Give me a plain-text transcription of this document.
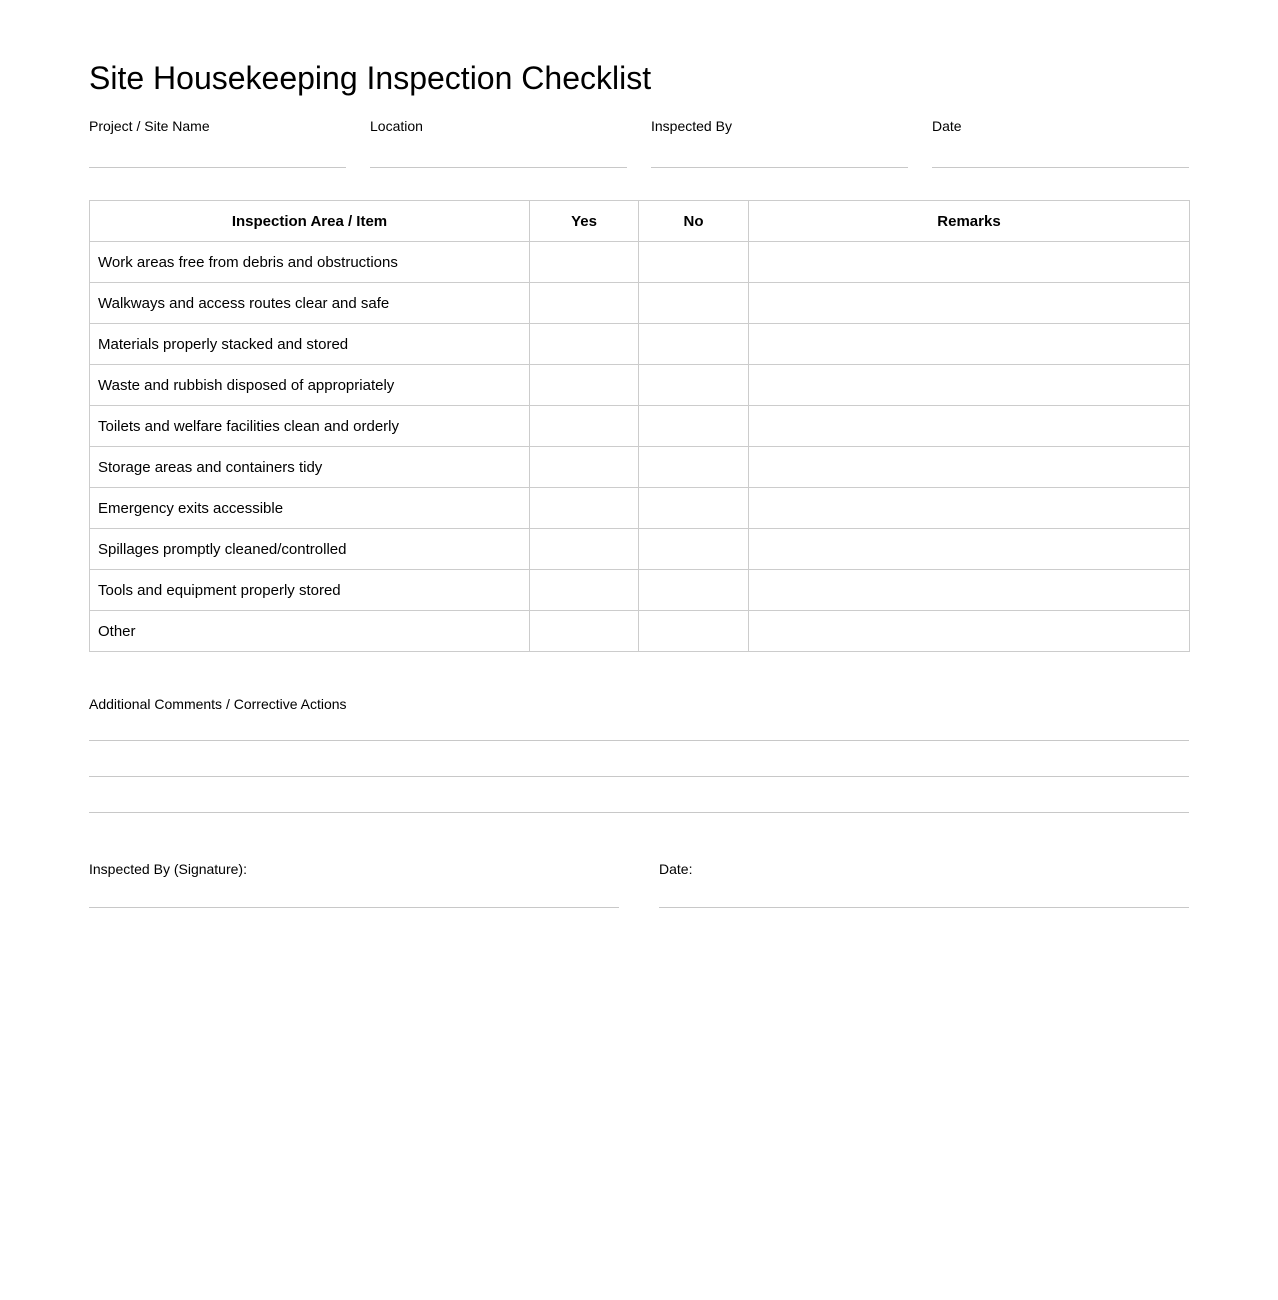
Site Housekeeping Inspection Checklist
Project / Site Name	Location	Inspected By	Date
Inspection Area / Item	Yes	No	Remarks
Work areas free from debris and obstructions			
Walkways and access routes clear and safe			
Materials properly stacked and stored			
Waste and rubbish disposed of appropriately			
Toilets and welfare facilities clean and orderly			
Storage areas and containers tidy			
Emergency exits accessible			
Spillages promptly cleaned/controlled			
Tools and equipment properly stored			
Other			
Additional Comments / Corrective Actions
Inspected By (Signature):	Date:
